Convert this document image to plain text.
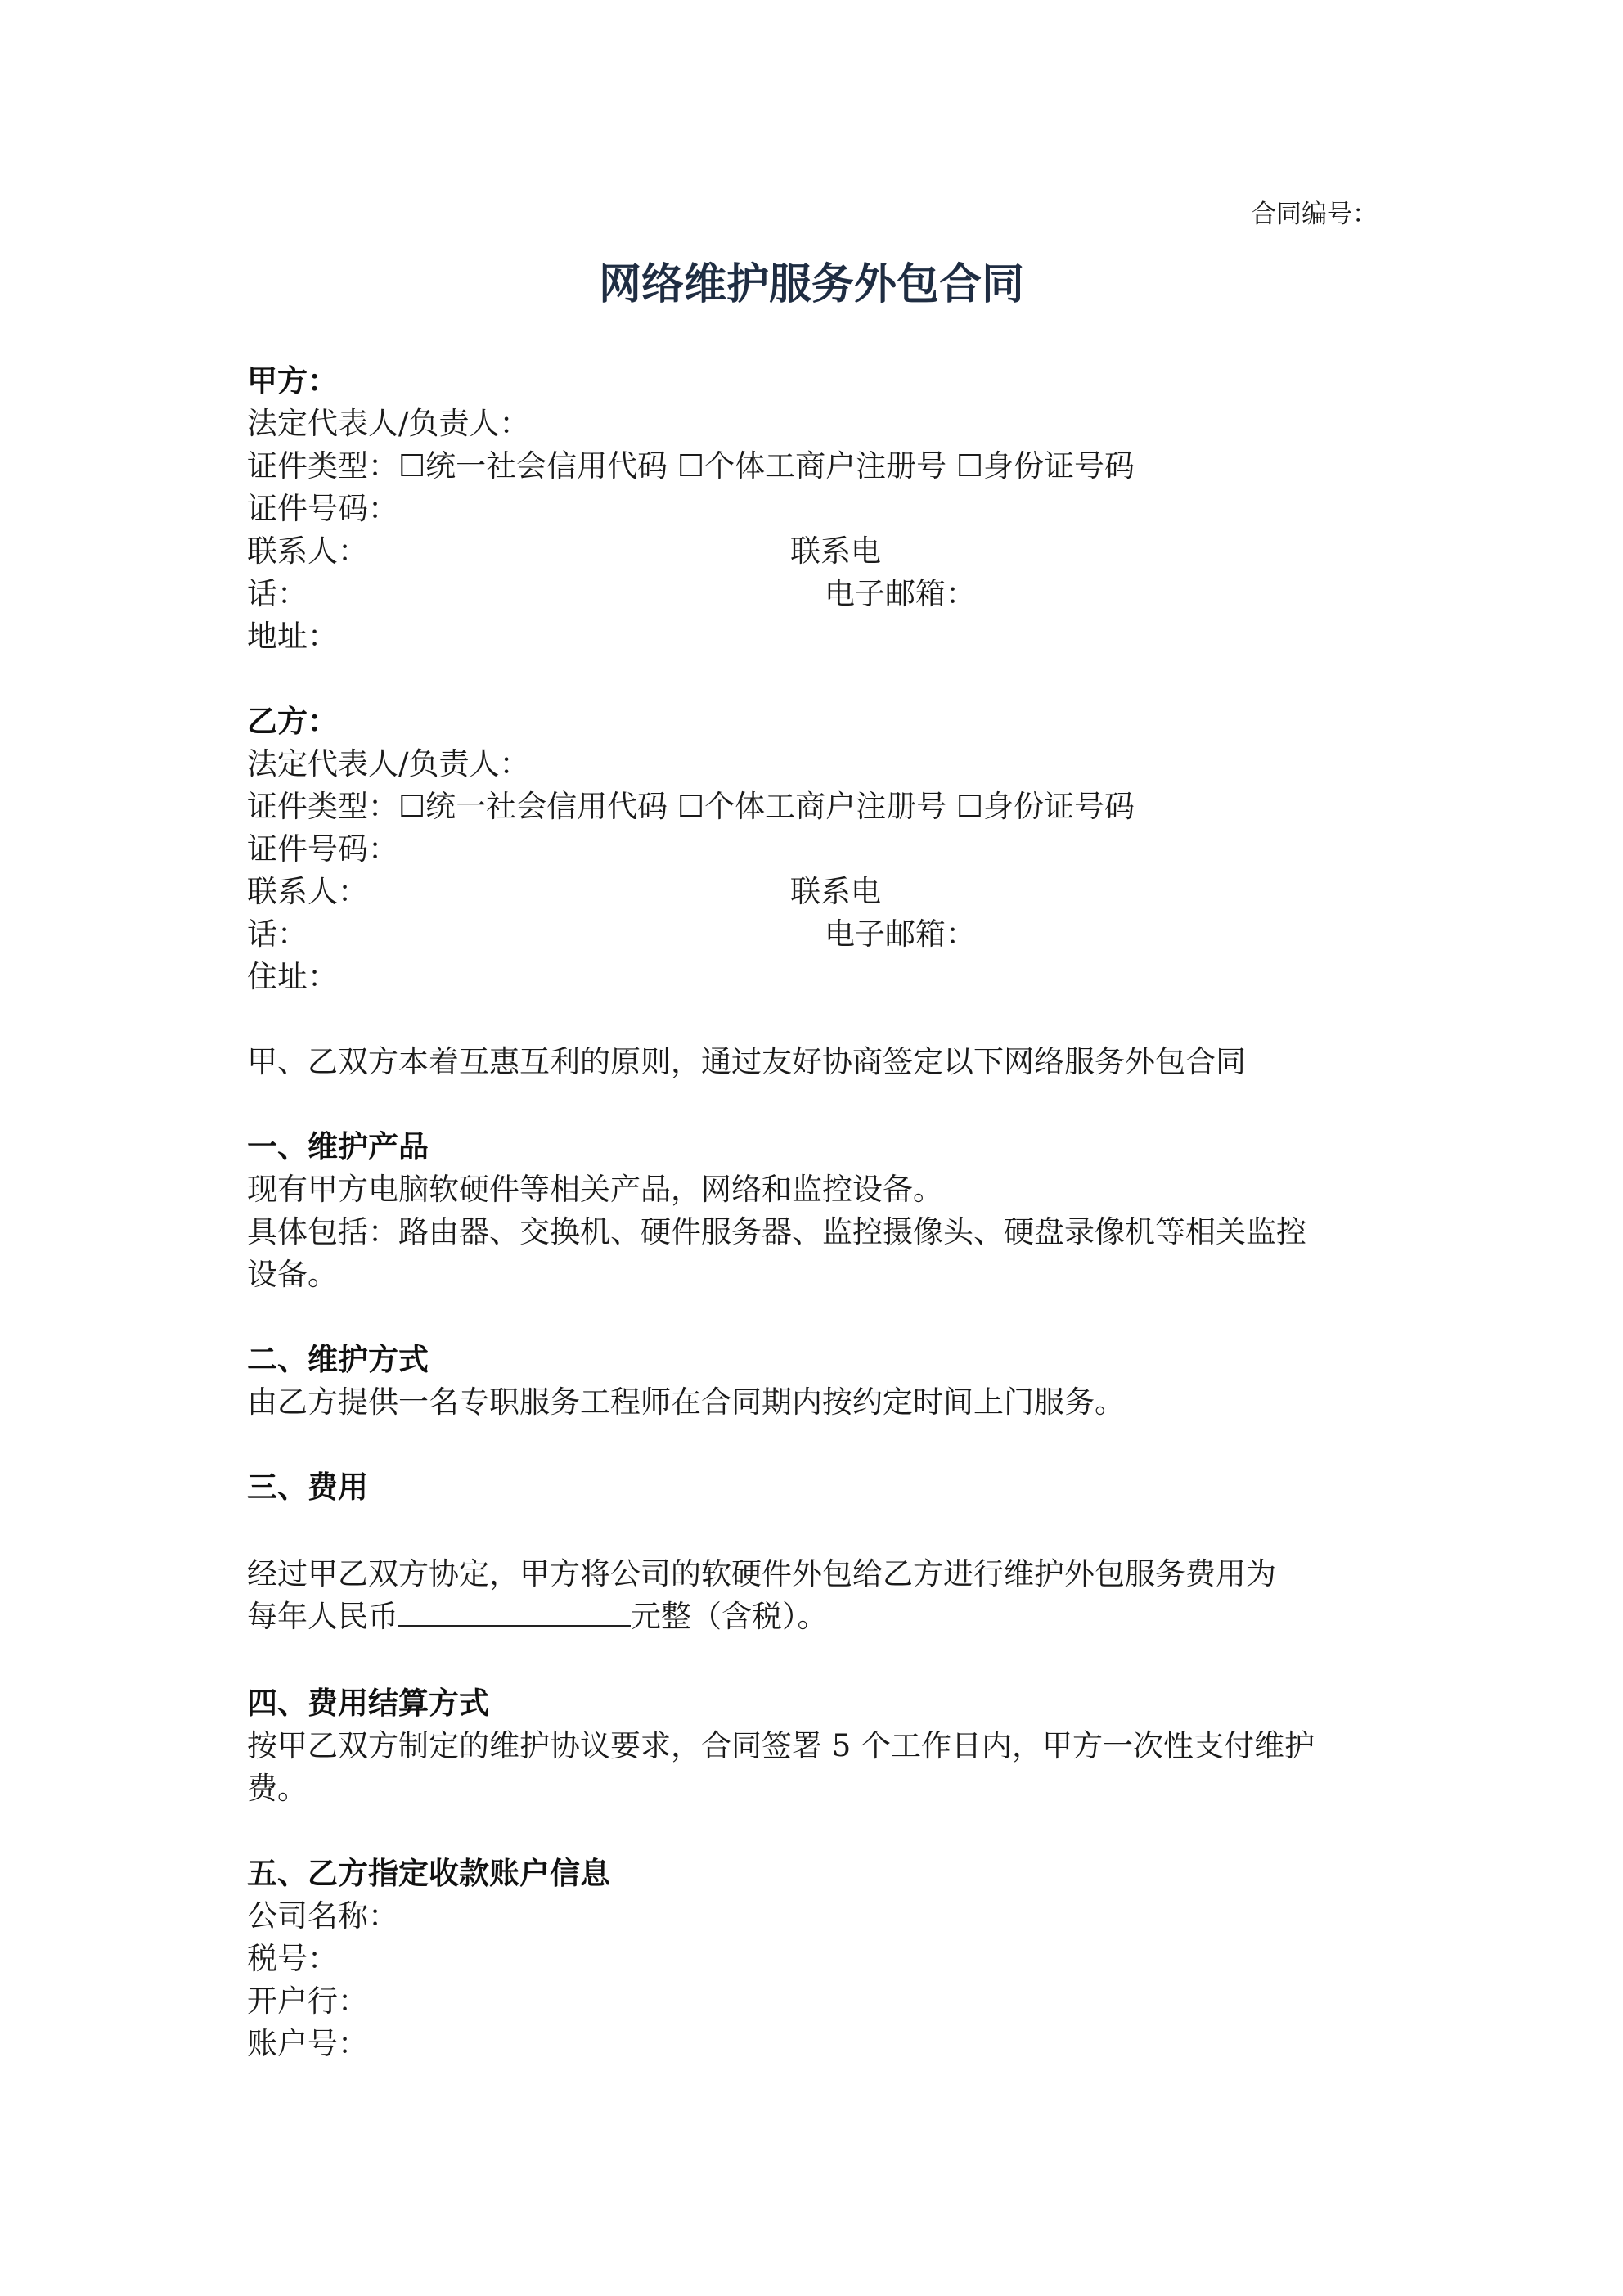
合同编号：
网络维护服务外包合同
甲方：
法定代表人/负责人：
证件类型：☐统一社会信用代码 ☐个体工商户注册号 ☐身份证号码
证件号码：
联系人：	联系电
话：	电子邮箱：
地址：
乙方：
法定代表人/负责人：
证件类型：☐统一社会信用代码 ☐个体工商户注册号 ☐身份证号码
证件号码：
联系人：	联系电
话：	电子邮箱：
住址：
甲、乙双方本着互惠互利的原则，通过友好协商签定以下网络服务外包合同
一、维护产品
现有甲方电脑软硬件等相关产品，网络和监控设备。
具体包括：路由器、交换机、硬件服务器、监控摄像头、硬盘录像机等相关监控
设备。
二、维护方式
由乙方提供一名专职服务工程师在合同期内按约定时间上门服务。
三、费用
经过甲乙双方协定，甲方将公司的软硬件外包给乙方进行维护外包服务费用为
每年人民币	元整（含税）。
四、费用结算方式
按甲乙双方制定的维护协议要求，合同签署 5 个工作日内，甲方一次性支付维护
费。
五、乙方指定收款账户信息
公司名称：
税号：
开户行：
账户号：
